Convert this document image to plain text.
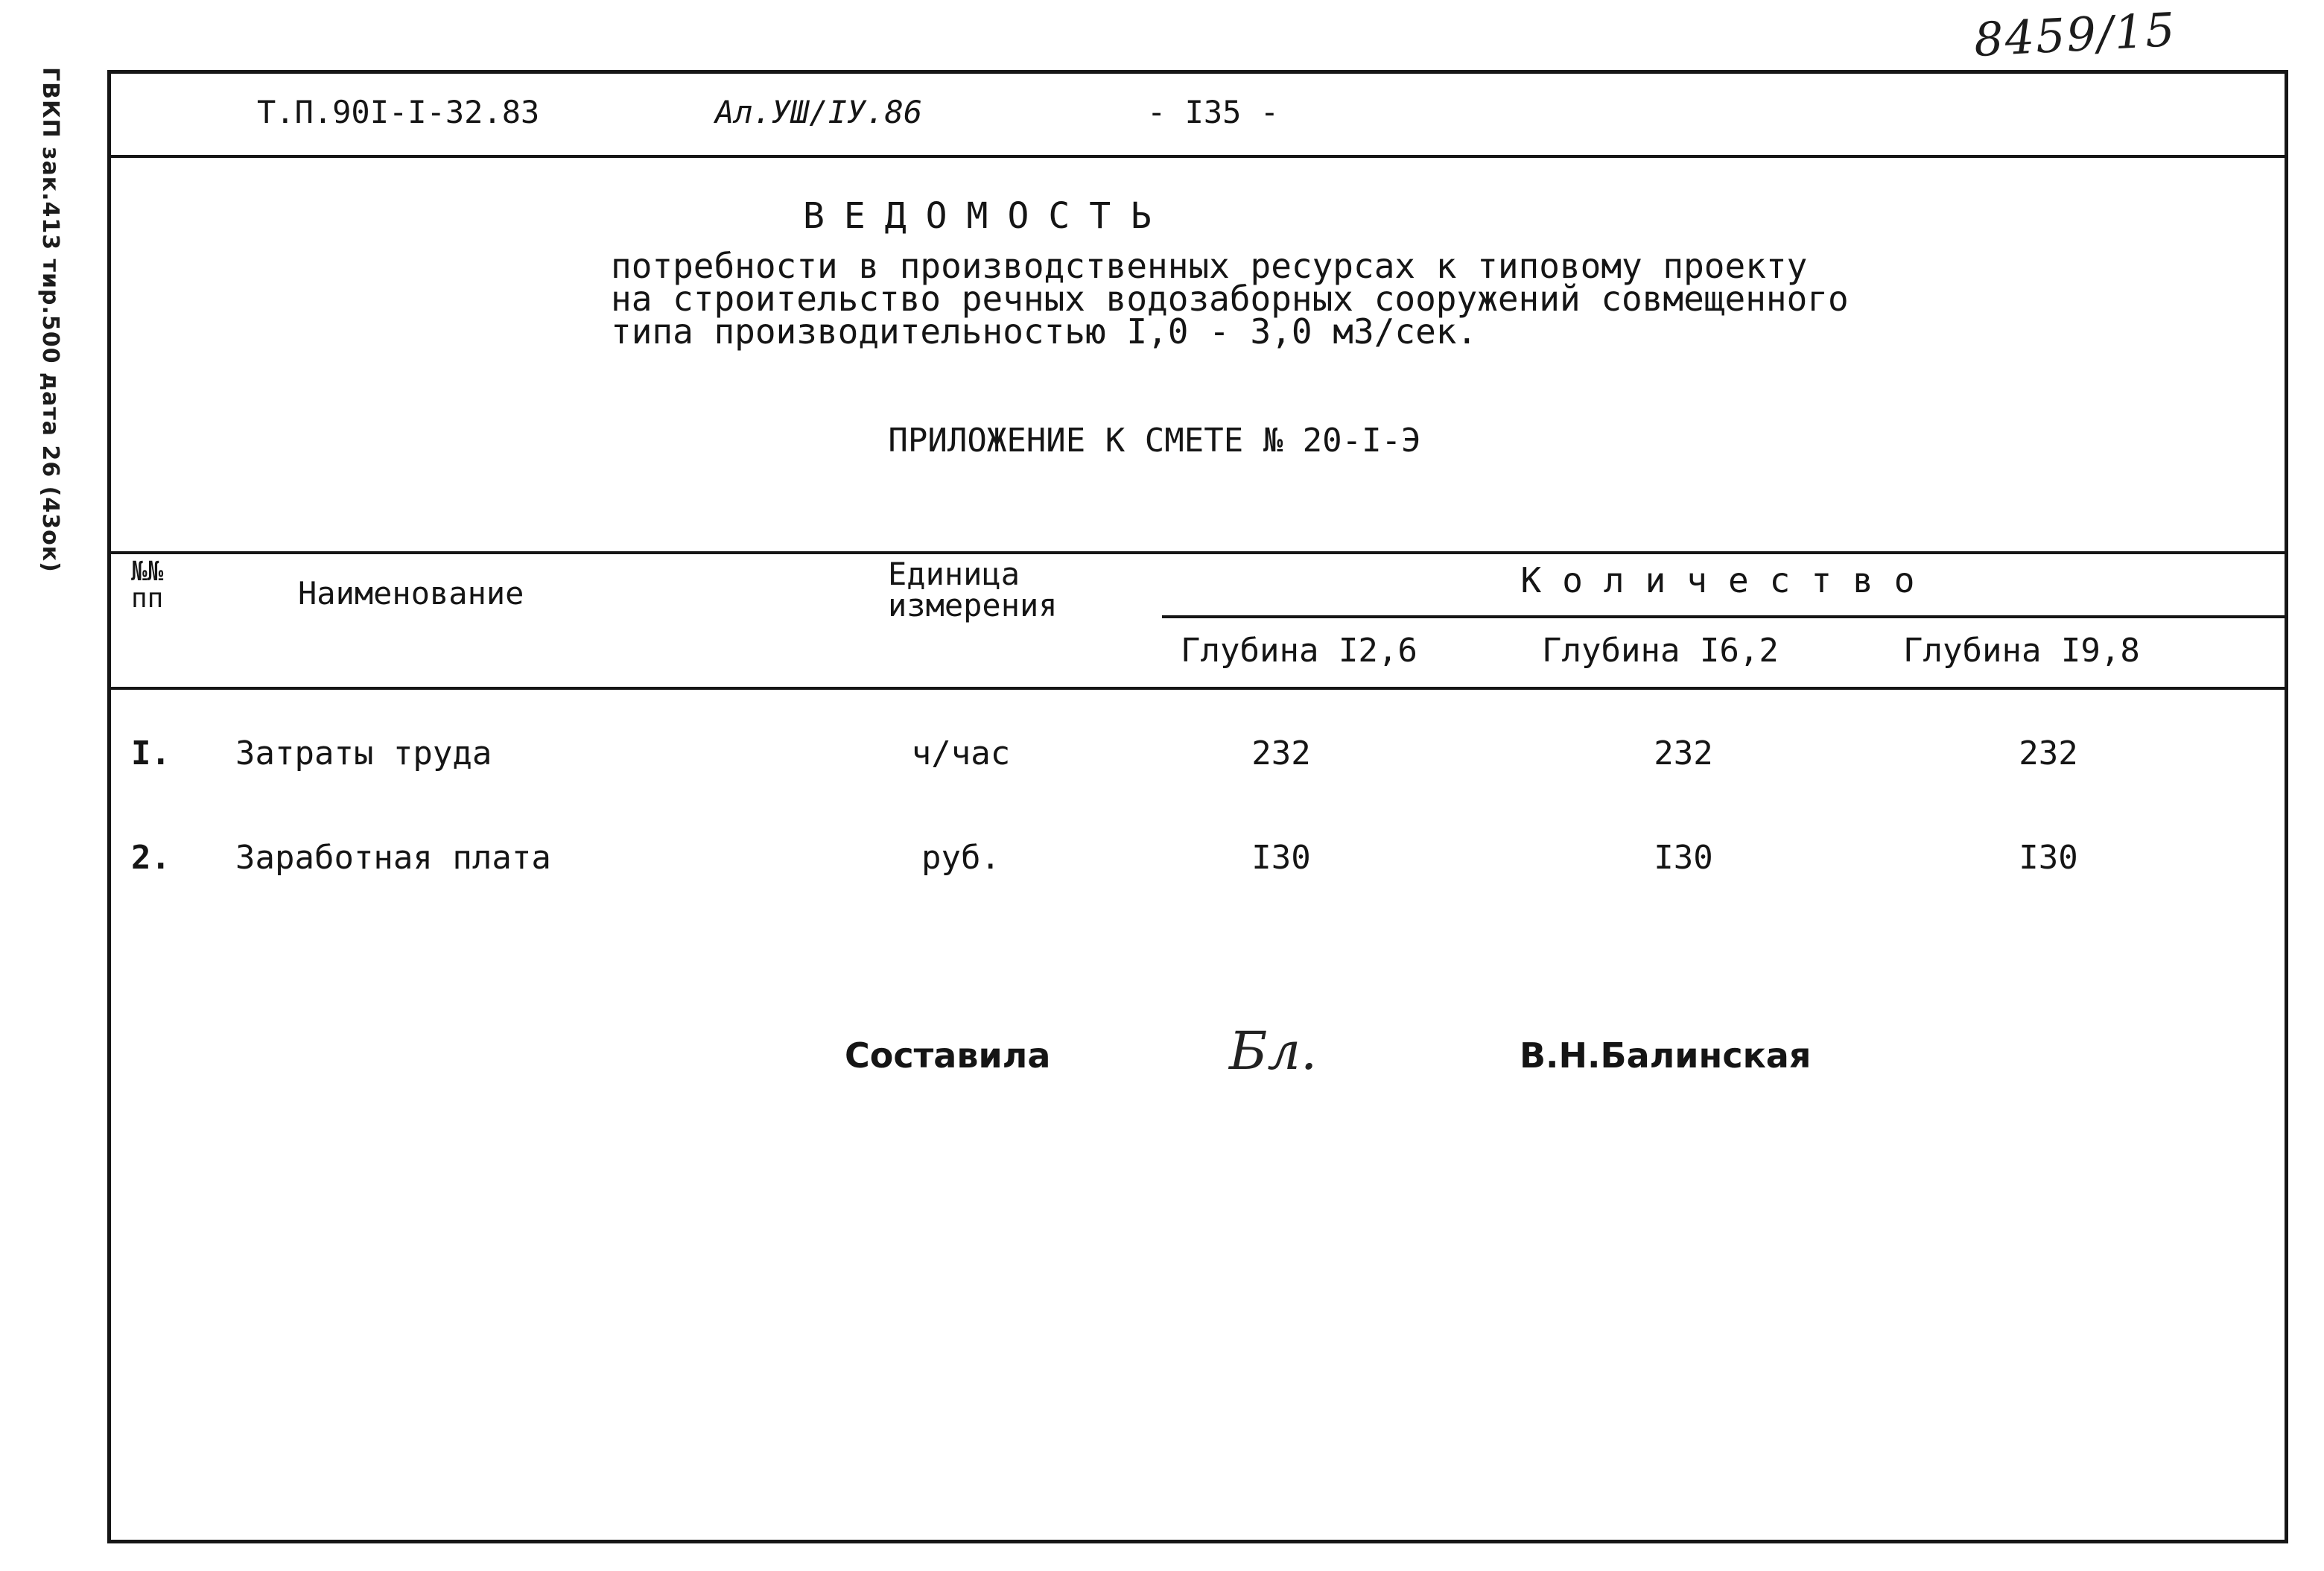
8459/15
ГВКП зак.413 тир.500 дата 26 (43ок)	Т.П.90I-I-32.83	Ал.УШ/IУ.86	- I35 -
ВЕДОМОСТЬ
потребности в производственных ресурсах к типовому проекту
на строительство речных водозаборных сооружений совмещенного
типа производительностью I,0 - 3,0 м3/сек.
ПРИЛОЖЕНИЕ К СМЕТЕ № 20-I-Э
№№
пп	Наименование
Единица
измерения
Количество
Глубина I2,6	Глубина I6,2	Глубина I9,8
I. Затраты труда	ч/час	232	232	232
2. Заработная плата	руб.	I30	I30	I30
Составила	Бл.	В.Н.Балинская
